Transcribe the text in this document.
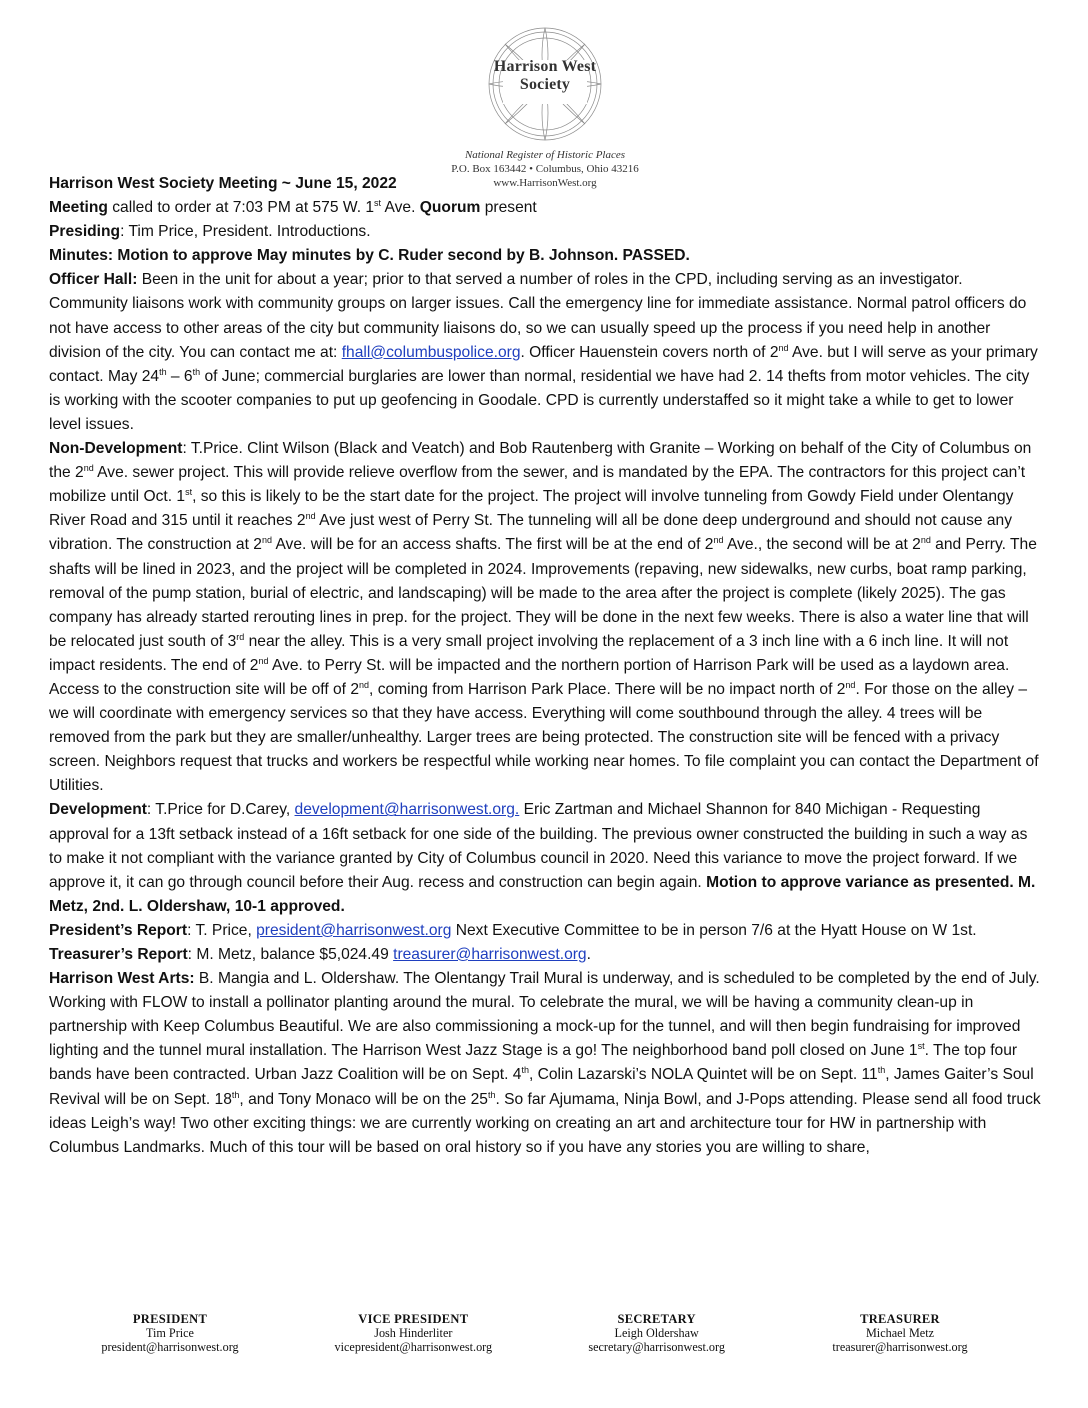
Harrison West
Society

National Register of Historic Places

P.O. Box 163442 • Columbus, Ohio 43216

www.HarrisonWest.org

Harrison West Society Meeting ~ June 15, 2022

Meeting called to order at 7:03 PM at 575 W. 1st Ave. Quorum present

Presiding: Tim Price, President. Introductions.

Minutes: Motion to approve May minutes by C. Ruder second by B. Johnson. PASSED.

Officer Hall: Been in the unit for about a year; prior to that served a number of roles in the CPD, including serving as an investigator. Community liaisons work with community groups on larger issues. Call the emergency line for immediate assistance. Normal patrol officers do not have access to other areas of the city but community liaisons do, so we can usually speed up the process if you need help in another division of the city. You can contact me at: fhall@columbuspolice.org. Officer Hauenstein covers north of 2nd Ave. but I will serve as your primary contact. May 24th – 6th of June; commercial burglaries are lower than normal, residential we have had 2. 14 thefts from motor vehicles. The city is working with the scooter companies to put up geofencing in Goodale. CPD is currently understaffed so it might take a while to get to lower level issues.

Non-Development: T.Price. Clint Wilson (Black and Veatch) and Bob Rautenberg with Granite – Working on behalf of the City of Columbus on the 2nd Ave. sewer project. This will provide relieve overflow from the sewer, and is mandated by the EPA. The contractors for this project can’t mobilize until Oct. 1st, so this is likely to be the start date for the project. The project will involve tunneling from Gowdy Field under Olentangy River Road and 315 until it reaches 2nd Ave just west of Perry St. The tunneling will all be done deep underground and should not cause any vibration. The construction at 2nd Ave. will be for an access shafts. The first will be at the end of 2nd Ave., the second will be at 2nd and Perry. The shafts will be lined in 2023, and the project will be completed in 2024. Improvements (repaving, new sidewalks, new curbs, boat ramp parking, removal of the pump station, burial of electric, and landscaping) will be made to the area after the project is complete (likely 2025). The gas company has already started rerouting lines in prep. for the project. They will be done in the next few weeks. There is also a water line that will be relocated just south of 3rd near the alley. This is a very small project involving the replacement of a 3 inch line with a 6 inch line. It will not impact residents. The end of 2nd Ave. to Perry St. will be impacted and the northern portion of Harrison Park will be used as a laydown area. Access to the construction site will be off of 2nd, coming from Harrison Park Place. There will be no impact north of 2nd. For those on the alley – we will coordinate with emergency services so that they have access. Everything will come southbound through the alley. 4 trees will be removed from the park but they are smaller/unhealthy. Larger trees are being protected. The construction site will be fenced with a privacy screen. Neighbors request that trucks and workers be respectful while working near homes. To file complaint you can contact the Department of Utilities.

Development: T.Price for D.Carey, development@harrisonwest.org. Eric Zartman and Michael Shannon for 840 Michigan - Requesting approval for a 13ft setback instead of a 16ft setback for one side of the building. The previous owner constructed the building in such a way as to make it not compliant with the variance granted by City of Columbus council in 2020. Need this variance to move the project forward. If we approve it, it can go through council before their Aug. recess and construction can begin again. Motion to approve variance as presented. M. Metz, 2nd. L. Oldershaw, 10-1 approved.

President’s Report: T. Price, president@harrisonwest.org Next Executive Committee to be in person 7/6 at the Hyatt House on W 1st.

Treasurer’s Report: M. Metz, balance $5,024.49 treasurer@harrisonwest.org.

Harrison West Arts: B. Mangia and L. Oldershaw. The Olentangy Trail Mural is underway, and is scheduled to be completed by the end of July. Working with FLOW to install a pollinator planting around the mural. To celebrate the mural, we will be having a community clean-up in partnership with Keep Columbus Beautiful. We are also commissioning a mock-up for the tunnel, and will then begin fundraising for improved lighting and the tunnel mural installation. The Harrison West Jazz Stage is a go! The neighborhood band poll closed on June 1st. The top four bands have been contracted. Urban Jazz Coalition will be on Sept. 4th, Colin Lazarski’s NOLA Quintet will be on Sept. 11th, James Gaiter’s Soul Revival will be on Sept. 18th, and Tony Monaco will be on the 25th. So far Ajumama, Ninja Bowl, and J-Pops attending. Please send all food truck ideas Leigh’s way! Two other exciting things: we are currently working on creating an art and architecture tour for HW in partnership with Columbus Landmarks. Much of this tour will be based on oral history so if you have any stories you are willing to share,

PRESIDENT
Tim Price
president@harrisonwest.org
VICE PRESIDENT
Josh Hinderliter
vicepresident@harrisonwest.org
SECRETARY
Leigh Oldershaw
secretary@harrisonwest.org
TREASURER
Michael Metz
treasurer@harrisonwest.org
